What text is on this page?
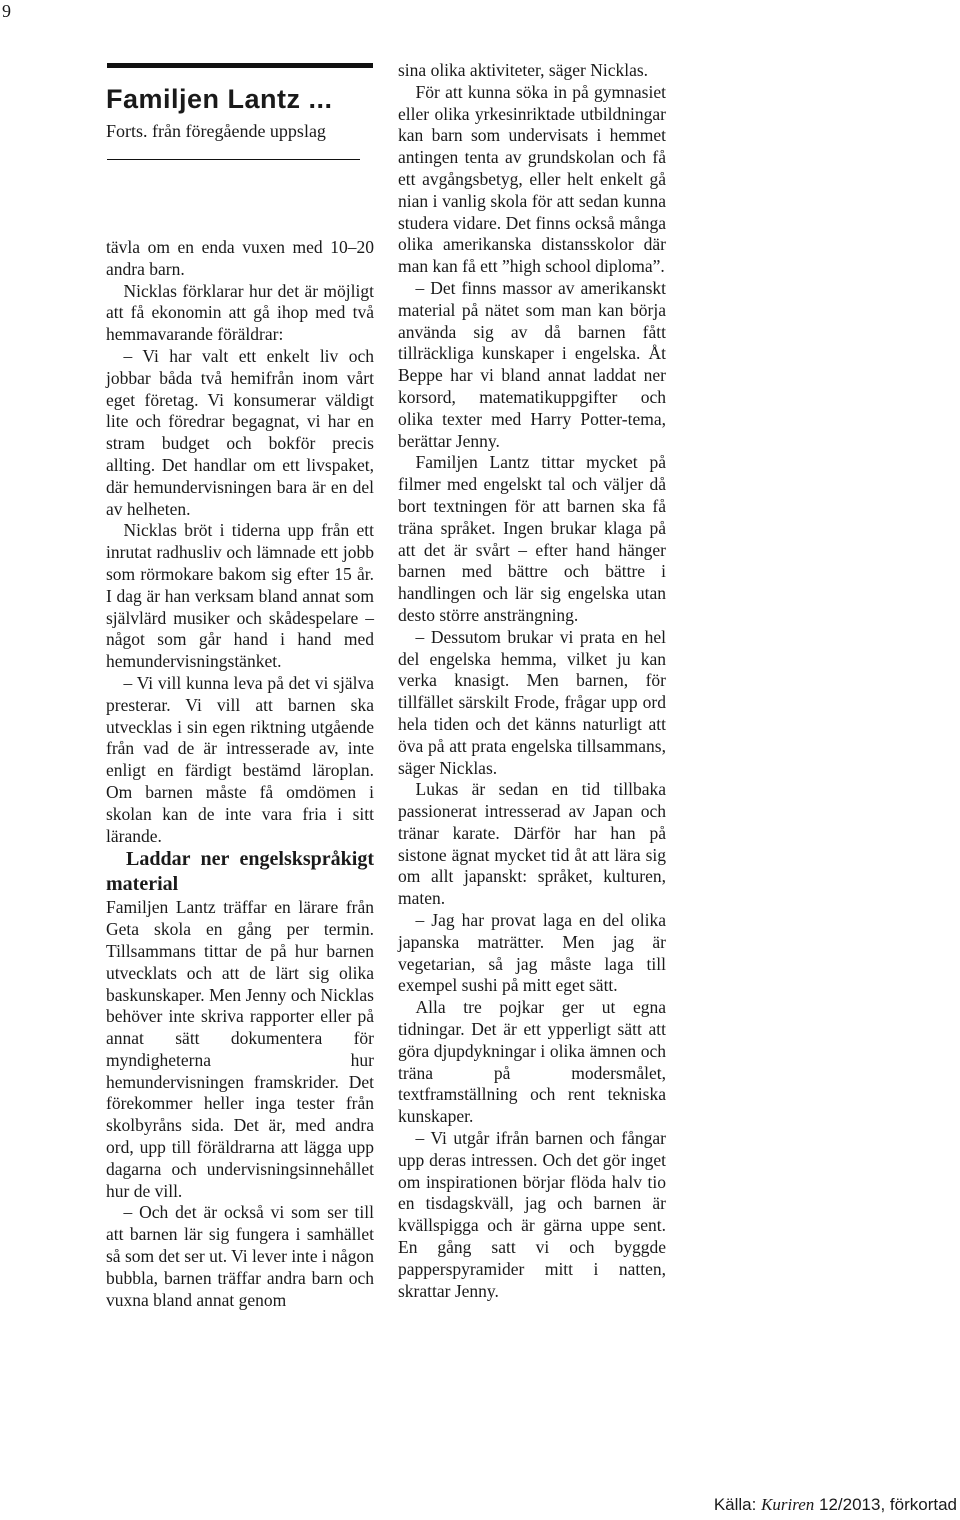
9
Familjen Lantz ...
Forts. från föregående uppslag

tävla om en enda vuxen med 10–20 andra barn.

Nicklas förklarar hur det är möjligt att få ekonomin att gå ihop med två hemmavarande föräldrar:

– Vi har valt ett enkelt liv och jobbar båda två hemifrån inom vårt eget företag. Vi konsumerar väldigt lite och föredrar begagnat, vi har en stram budget och bokför precis allting. Det handlar om ett livspaket, där hemundervisningen bara är en del av helheten.

Nicklas bröt i tiderna upp från ett inrutat radhusliv och lämnade ett jobb som rörmokare bakom sig efter 15 år. I dag är han verksam bland annat som självlärd musiker och skådespelare – något som går hand i hand med hemundervisningstänket.

– Vi vill kunna leva på det vi själva presterar. Vi vill att barnen ska utvecklas i sin egen riktning utgående från vad de är intresserade av, inte enligt en färdigt bestämd läroplan. Om barnen måste få omdömen i skolan kan de inte vara fria i sitt lärande.

Laddar ner engelskspråkigt material

Familjen Lantz träffar en lärare från Geta skola en gång per termin. Tillsammans tittar de på hur barnen utvecklats och att de lärt sig olika baskunskaper. Men Jenny och Nicklas behöver inte skriva rapporter eller på annat sätt dokumentera för myndigheterna hur hemundervisningen framskrider. Det förekommer heller inga tester från skolbyråns sida. Det är, med andra ord, upp till föräldrarna att lägga upp dagarna och undervisningsinnehållet hur de vill.

– Och det är också vi som ser till att barnen lär sig fungera i samhället så som det ser ut. Vi lever inte i någon bubbla, barnen träffar andra barn och vuxna bland annat genom

sina olika aktiviteter, säger Nicklas.

För att kunna söka in på gymnasiet eller olika yrkesinriktade utbildningar kan barn som undervisats i hemmet antingen tenta av grundskolan och få ett avgångsbetyg, eller helt enkelt gå nian i vanlig skola för att sedan kunna studera vidare. Det finns också många olika amerikanska distansskolor där man kan få ett ”high school diploma”.

– Det finns massor av amerikanskt material på nätet som man kan börja använda sig av då barnen fått tillräckliga kunskaper i engelska. Åt Beppe har vi bland annat laddat ner korsord, matematikuppgifter och olika texter med Harry Potter-tema, berättar Jenny.

Familjen Lantz tittar mycket på filmer med engelskt tal och väljer då bort textningen för att barnen ska få träna språket. Ingen brukar klaga på att det är svårt – efter hand hänger barnen med bättre och bättre i handlingen och lär sig engelska utan desto större ansträngning.

– Dessutom brukar vi prata en hel del engelska hemma, vilket ju kan verka knasigt. Men barnen, för tillfället särskilt Frode, frågar upp ord hela tiden och det känns naturligt att öva på att prata engelska tillsammans, säger Nicklas.

Lukas är sedan en tid tillbaka passionerat intresserad av Japan och tränar karate. Därför har han på sistone ägnat mycket tid åt att lära sig om allt japanskt: språket, kulturen, maten.

– Jag har provat laga en del olika japanska maträtter. Men jag är vegetarian, så jag måste laga till exempel sushi på mitt eget sätt.

Alla tre pojkar ger ut egna tidningar. Det är ett ypperligt sätt att göra djupdykningar i olika ämnen och träna på modersmålet, textframställning och rent tekniska kunskaper.

– Vi utgår ifrån barnen och fångar upp deras intressen. Och det gör inget om inspirationen börjar flöda halv tio en tisdagskväll, jag och barnen är kvällspigga och är gärna uppe sent. En gång satt vi och byggde papperspyramider mitt i natten, skrattar Jenny.

Källa: Kuriren 12/2013, förkortad
